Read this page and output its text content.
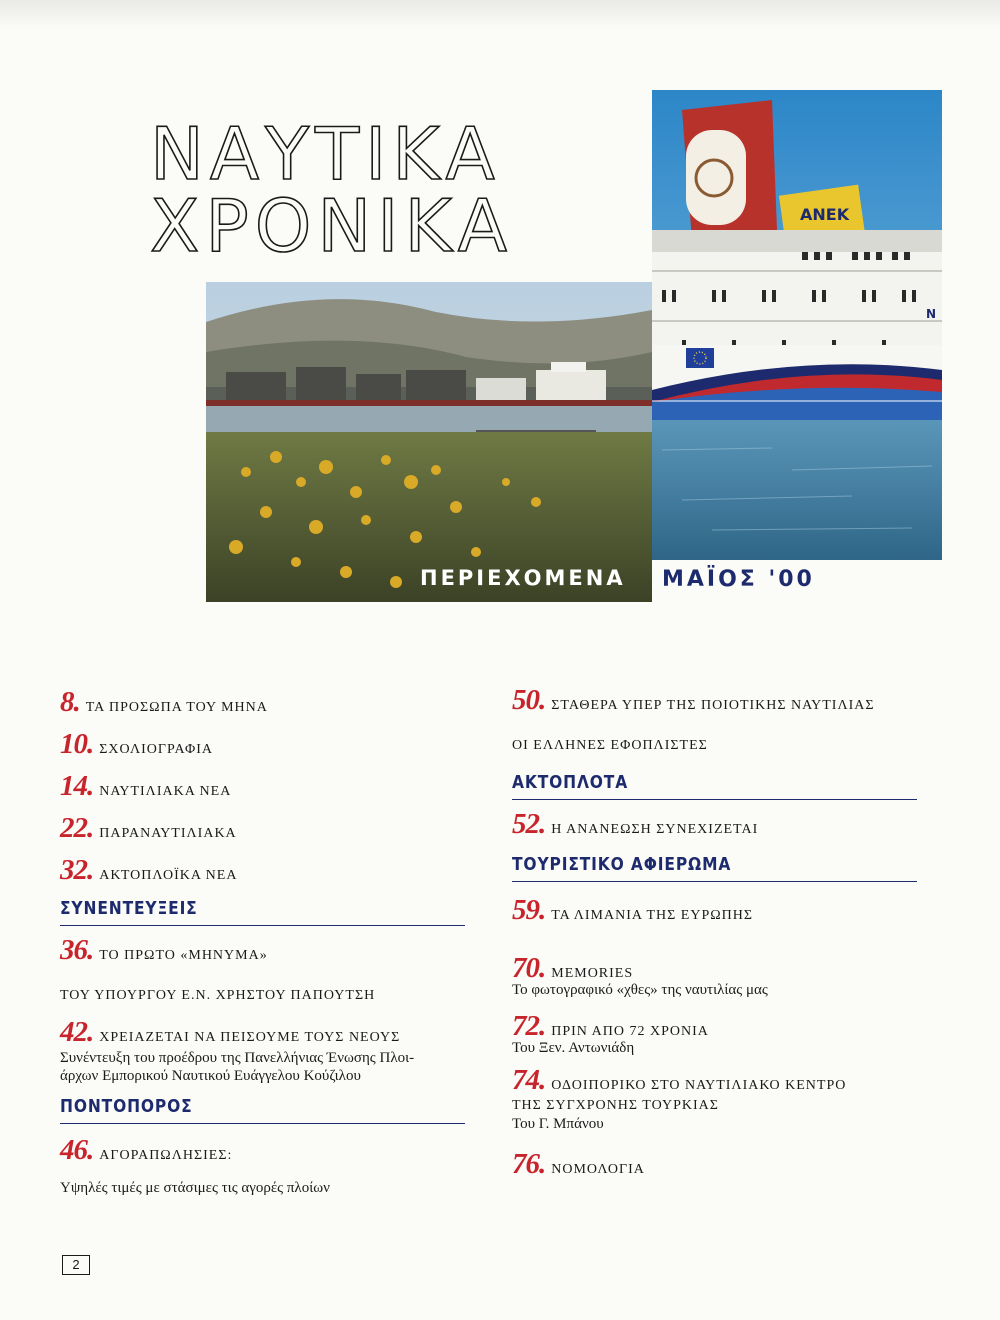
ΝΑΥΤΙΚΑ
ΧΡΟΝΙΚΑ	ΑΝΕΚ
Ν
ΠΕΡΙΕΧΟΜΕΝΑ	ΜΑΪΟΣ '00
8. ΤΑ ΠΡΟΣΩΠΑ ΤΟΥ ΜΗΝΑ
10. ΣΧΟΛΙΟΓΡΑΦΙΑ
14. ΝΑΥΤΙΛΙΑΚΑ ΝΕΑ
22. ΠΑΡΑΝΑΥΤΙΛΙΑΚΑ
32. ΑΚΤΟΠΛΟΪΚΑ ΝΕΑ
ΣΥΝΕΝΤΕΥΞΕΙΣ
36. ΤΟ ΠΡΩΤΟ «ΜΗΝΥΜΑ»
ΤΟΥ ΥΠΟΥΡΓΟΥ Ε.Ν. ΧΡΗΣΤΟΥ ΠΑΠΟΥΤΣΗ
42. ΧΡΕΙΑΖΕΤΑΙ ΝΑ ΠΕΙΣΟΥΜΕ ΤΟΥΣ ΝΕΟΥΣ
Συνέντευξη του προέδρου της Πανελλήνιας Ένωσης Πλοι-
άρχων Εμπορικού Ναυτικού Ευάγγελου Κούζιλου
ΠΟΝΤΟΠΟΡΟΣ
46. ΑΓΟΡΑΠΩΛΗΣΙΕΣ:
Υψηλές τιμές με στάσιμες τις αγορές πλοίων
50. ΣΤΑΘΕΡΑ ΥΠΕΡ ΤΗΣ ΠΟΙΟΤΙΚΗΣ ΝΑΥΤΙΛΙΑΣ
ΟΙ ΕΛΛΗΝΕΣ ΕΦΟΠΛΙΣΤΕΣ
ΑΚΤΟΠΛΟΤΑ
52. Η ΑΝΑΝΕΩΣΗ ΣΥΝΕΧΙΖΕΤΑΙ
ΤΟΥΡΙΣΤΙΚΟ ΑΦΙΕΡΩΜΑ
59. ΤΑ ΛΙΜΑΝΙΑ ΤΗΣ ΕΥΡΩΠΗΣ
70. MEMORIES
Το φωτογραφικό «χθες» της ναυτιλίας μας
72. ΠΡΙΝ ΑΠΟ 72 ΧΡΟΝΙΑ
Του Ξεν. Αντωνιάδη
74. ΟΔΟΙΠΟΡΙΚΟ ΣΤΟ ΝΑΥΤΙΛΙΑΚΟ ΚΕΝΤΡΟ
ΤΗΣ ΣΥΓΧΡΟΝΗΣ ΤΟΥΡΚΙΑΣ
Του Γ. Μπάνου
76. ΝΟΜΟΛΟΓΙΑ
2
